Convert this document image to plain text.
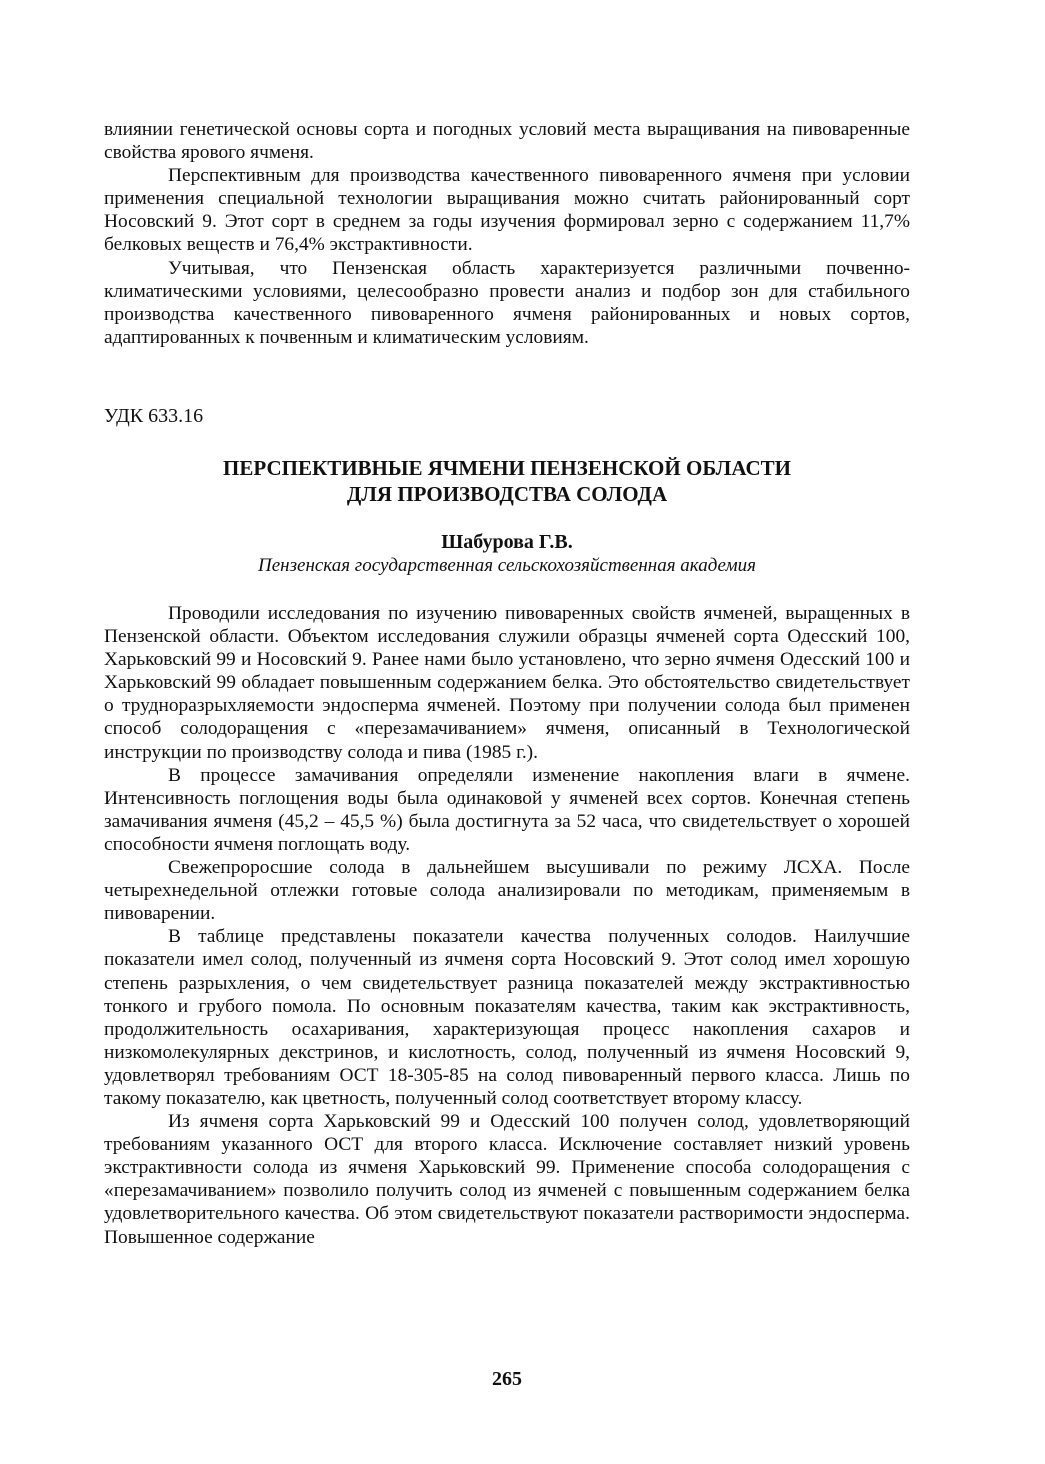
влиянии генетической основы сорта и погодных условий места выращивания на пивоваренные свойства ярового ячменя.

Перспективным для производства качественного пивоваренного ячменя при условии применения специальной технологии выращивания можно считать районированный сорт Носовский 9. Этот сорт в среднем за годы изучения формировал зерно с содержанием 11,7% белковых веществ и 76,4% экстрактивности.

Учитывая, что Пензенская область характеризуется различными почвенно-климатическими условиями, целесообразно провести анализ и подбор зон для стабильного производства качественного пивоваренного ячменя районированных и новых сортов, адаптированных к почвенным и климатическим условиям.

УДК 633.16
ПЕРСПЕКТИВНЫЕ ЯЧМЕНИ ПЕНЗЕНСКОЙ ОБЛАСТИ
ДЛЯ ПРОИЗВОДСТВА СОЛОДА
Шабурова Г.В.
Пензенская государственная сельскохозяйственная академия

Проводили исследования по изучению пивоваренных свойств ячменей, выращенных в Пензенской области. Объектом исследования служили образцы ячменей сорта Одесский 100, Харьковский 99 и Носовский 9. Ранее нами было установлено, что зерно ячменя Одесский 100 и Харьковский 99 обладает повышенным содержанием белка. Это обстоятельство свидетельствует о трудноразрыхляемости эндосперма ячменей. Поэтому при получении солода был применен способ солодоращения с «перезамачиванием» ячменя, описанный в Технологической инструкции по производству солода и пива (1985 г.).

В процессе замачивания определяли изменение накопления влаги в ячмене. Интенсивность поглощения воды была одинаковой у ячменей всех сортов. Конечная степень замачивания ячменя (45,2 – 45,5 %) была достигнута за 52 часа, что свидетельствует о хорошей способности ячменя поглощать воду.

Свежепроросшие солода в дальнейшем высушивали по режиму ЛСХА. После четырехнедельной отлежки готовые солода анализировали по методикам, применяемым в пивоварении.

В таблице представлены показатели качества полученных солодов. Наилучшие показатели имел солод, полученный из ячменя сорта Носовский 9. Этот солод имел хорошую степень разрыхления, о чем свидетельствует разница показателей между экстрактивностью тонкого и грубого помола. По основным показателям качества, таким как экстрактивность, продолжительность осахаривания, характеризующая процесс накопления сахаров и низкомолекулярных декстринов, и кислотность, солод, полученный из ячменя Носовский 9, удовлетворял требованиям ОСТ 18-305-85 на солод пивоваренный первого класса. Лишь по такому показателю, как цветность, полученный солод соответствует второму классу.

Из ячменя сорта Харьковский 99 и Одесский 100 получен солод, удовлетворяющий требованиям указанного ОСТ для второго класса. Исключение составляет низкий уровень экстрактивности солода из ячменя Харьковский 99. Применение способа солодоращения с «перезамачиванием» позволило получить солод из ячменей с повышенным содержанием белка удовлетворительного качества. Об этом свидетельствуют показатели растворимости эндосперма. Повышенное содержание

265
